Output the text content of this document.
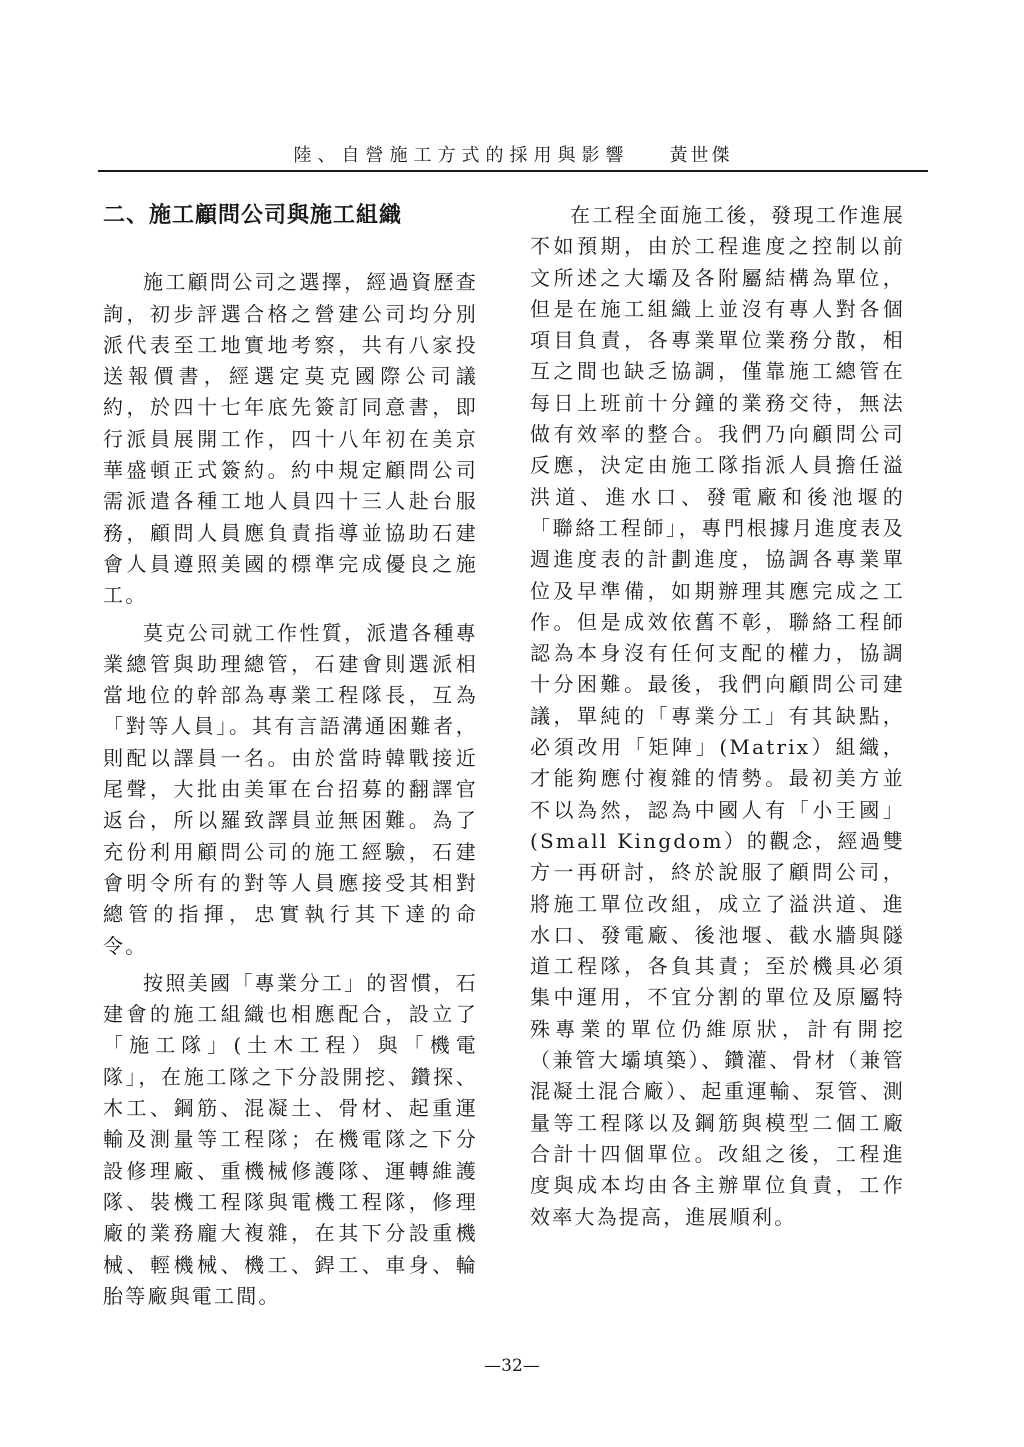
陸、自營施工方式的採用與影響 黃世傑
二、施工顧問公司與施工組織

施工顧問公司之選擇，經過資歷查詢，初步評選合格之營建公司均分別派代表至工地實地考察，共有八家投送報價書，經選定莫克國際公司議約，於四十七年底先簽訂同意書，即行派員展開工作，四十八年初在美京華盛頓正式簽約。約中規定顧問公司需派遣各種工地人員四十三人赴台服務，顧問人員應負責指導並協助石建會人員遵照美國的標準完成優良之施工。

莫克公司就工作性質，派遣各種專業總管與助理總管，石建會則選派相當地位的幹部為專業工程隊長，互為「對等人員」。其有言語溝通困難者，則配以譯員一名。由於當時韓戰接近尾聲，大批由美軍在台招募的翻譯官返台，所以羅致譯員並無困難。為了充份利用顧問公司的施工經驗，石建會明令所有的對等人員應接受其相對總管的指揮，忠實執行其下達的命令。

按照美國「專業分工」的習慣，石建會的施工組織也相應配合，設立了「施工隊」(土木工程）與「機電隊」，在施工隊之下分設開挖、鑽探、木工、鋼筋、混凝土、骨材、起重運輸及測量等工程隊；在機電隊之下分設修理廠、重機械修護隊、運轉維護隊、裝機工程隊與電機工程隊，修理廠的業務龐大複雜，在其下分設重機械、輕機械、機工、銲工、車身、輪胎等廠與電工間。

在工程全面施工後，發現工作進展不如預期，由於工程進度之控制以前文所述之大壩及各附屬結構為單位，但是在施工組織上並沒有專人對各個項目負責，各專業單位業務分散，相互之間也缺乏協調，僅靠施工總管在每日上班前十分鐘的業務交待，無法做有效率的整合。我們乃向顧問公司反應，決定由施工隊指派人員擔任溢洪道、進水口、發電廠和後池堰的「聯絡工程師」，專門根據月進度表及週進度表的計劃進度，協調各專業單位及早準備，如期辦理其應完成之工作。但是成效依舊不彰，聯絡工程師認為本身沒有任何支配的權力，協調十分困難。最後，我們向顧問公司建議，單純的「專業分工」有其缺點，必須改用「矩陣」(Matrix）組織，才能夠應付複雜的情勢。最初美方並不以為然，認為中國人有「小王國」(Small Kingdom）的觀念，經過雙方一再研討，終於說服了顧問公司，將施工單位改組，成立了溢洪道、進水口、發電廠、後池堰、截水牆與隧道工程隊，各負其責；至於機具必須集中運用，不宜分割的單位及原屬特殊專業的單位仍維原狀，計有開挖（兼管大壩填築）、鑽灌、骨材（兼管混凝土混合廠）、起重運輸、泵管、測量等工程隊以及鋼筋與模型二個工廠合計十四個單位。改組之後，工程進度與成本均由各主辦單位負責，工作效率大為提高，進展順利。

—32—
